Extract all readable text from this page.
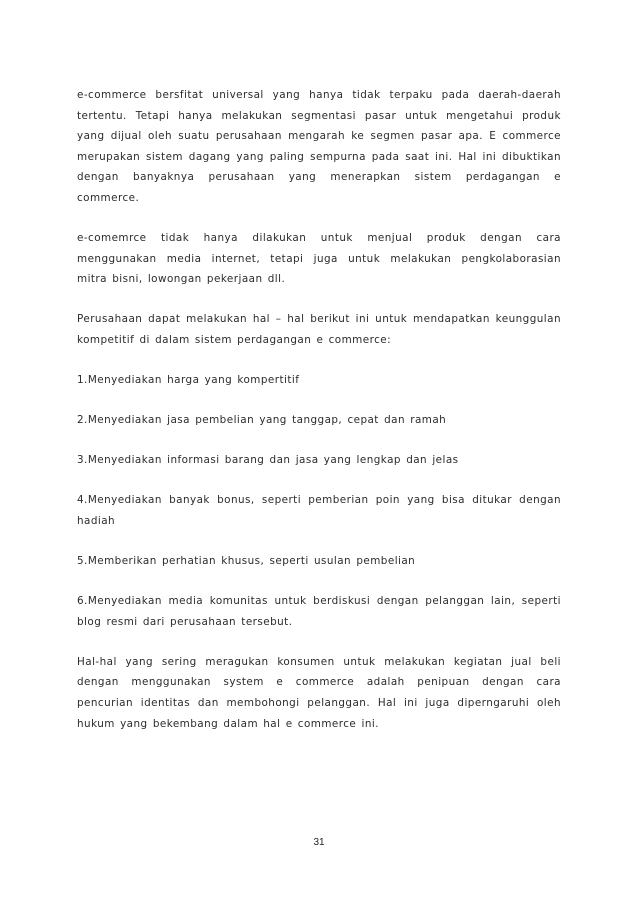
e-commerce bersfitat universal yang hanya tidak terpaku pada daerah-daerah tertentu. Tetapi hanya melakukan segmentasi pasar untuk mengetahui produk yang dijual oleh suatu perusahaan mengarah ke segmen pasar apa. E commerce merupakan sistem dagang yang paling sempurna pada saat ini. Hal ini dibuktikan dengan banyaknya perusahaan yang menerapkan sistem perdagangan e commerce.

e-comemrce tidak hanya dilakukan untuk menjual produk dengan cara menggunakan media internet, tetapi juga untuk melakukan pengkolaborasian mitra bisni, lowongan pekerjaan dll.

Perusahaan dapat melakukan hal – hal berikut ini untuk mendapatkan keunggulan kompetitif di dalam sistem perdagangan e commerce:

1.Menyediakan harga yang kompertitif

2.Menyediakan jasa pembelian yang tanggap, cepat dan ramah

3.Menyediakan informasi barang dan jasa yang lengkap dan jelas

4.Menyediakan banyak bonus, seperti pemberian poin yang bisa ditukar dengan hadiah

5.Memberikan perhatian khusus, seperti usulan pembelian

6.Menyediakan media komunitas untuk berdiskusi dengan pelanggan lain, seperti blog resmi dari perusahaan tersebut.

Hal-hal yang sering meragukan konsumen untuk melakukan kegiatan jual beli dengan menggunakan system e commerce adalah penipuan dengan cara pencurian identitas dan membohongi pelanggan. Hal ini juga diperngaruhi oleh hukum yang bekembang dalam hal e commerce ini.

31
